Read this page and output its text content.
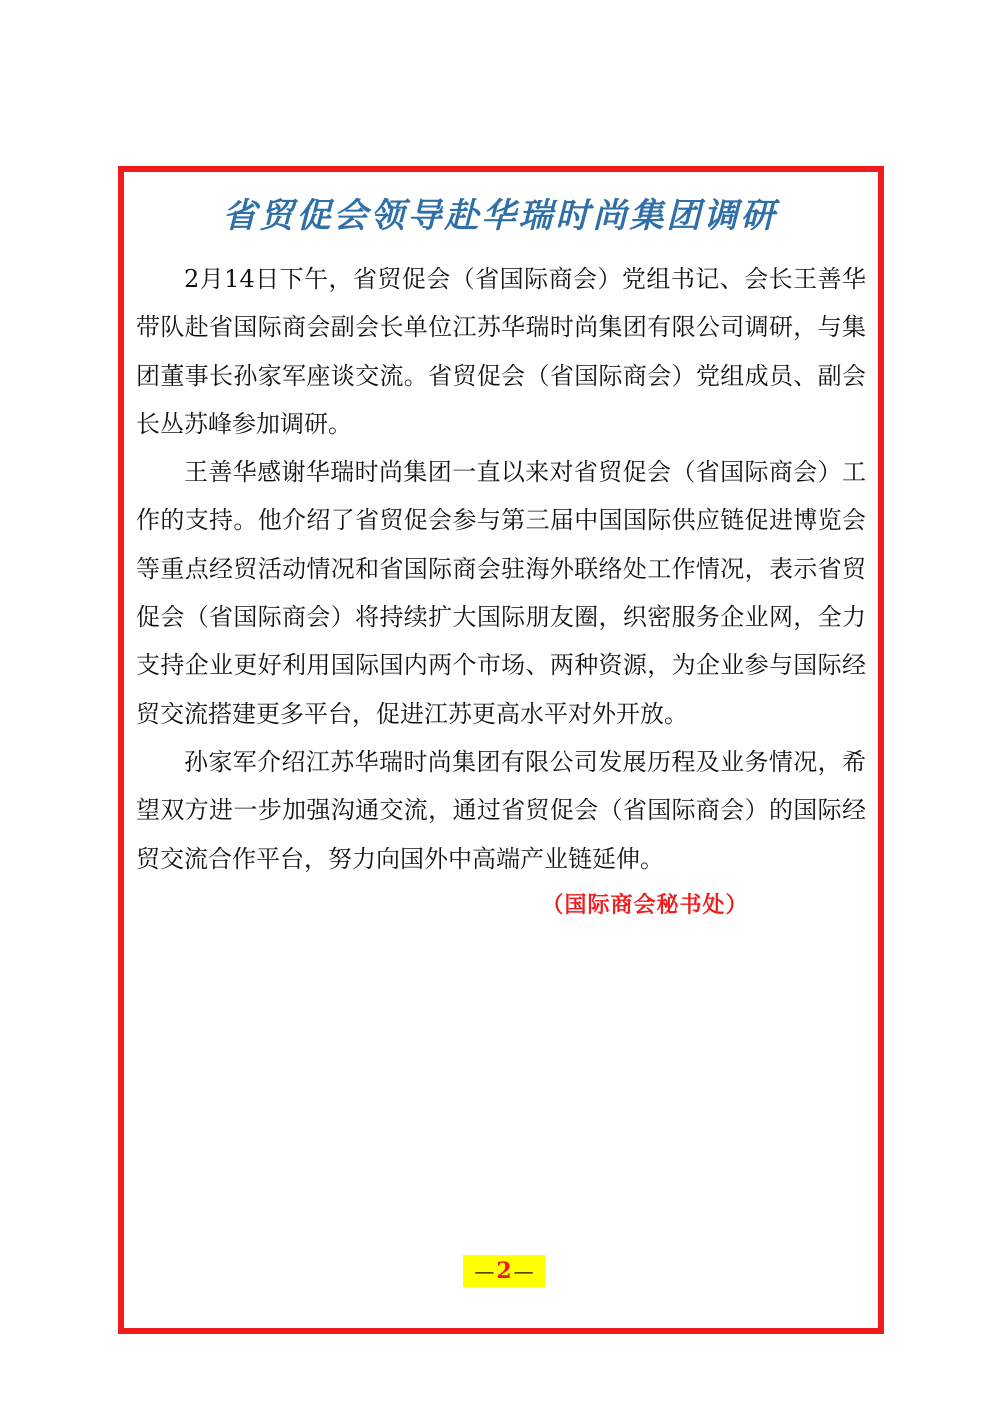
省贸促会领导赴华瑞时尚集团调研

2月14日下午，省贸促会（省国际商会）党组书记、会长王善华带队赴省国际商会副会长单位江苏华瑞时尚集团有限公司调研，与集团董事长孙家军座谈交流。省贸促会（省国际商会）党组成员、副会长丛苏峰参加调研。

王善华感谢华瑞时尚集团一直以来对省贸促会（省国际商会）工作的支持。他介绍了省贸促会参与第三届中国国际供应链促进博览会等重点经贸活动情况和省国际商会驻海外联络处工作情况，表示省贸促会（省国际商会）将持续扩大国际朋友圈，织密服务企业网，全力支持企业更好利用国际国内两个市场、两种资源，为企业参与国际经贸交流搭建更多平台，促进江苏更高水平对外开放。

孙家军介绍江苏华瑞时尚集团有限公司发展历程及业务情况，希望双方进一步加强沟通交流，通过省贸促会（省国际商会）的国际经贸交流合作平台，努力向国外中高端产业链延伸。

（国际商会秘书处）
— 2 —
